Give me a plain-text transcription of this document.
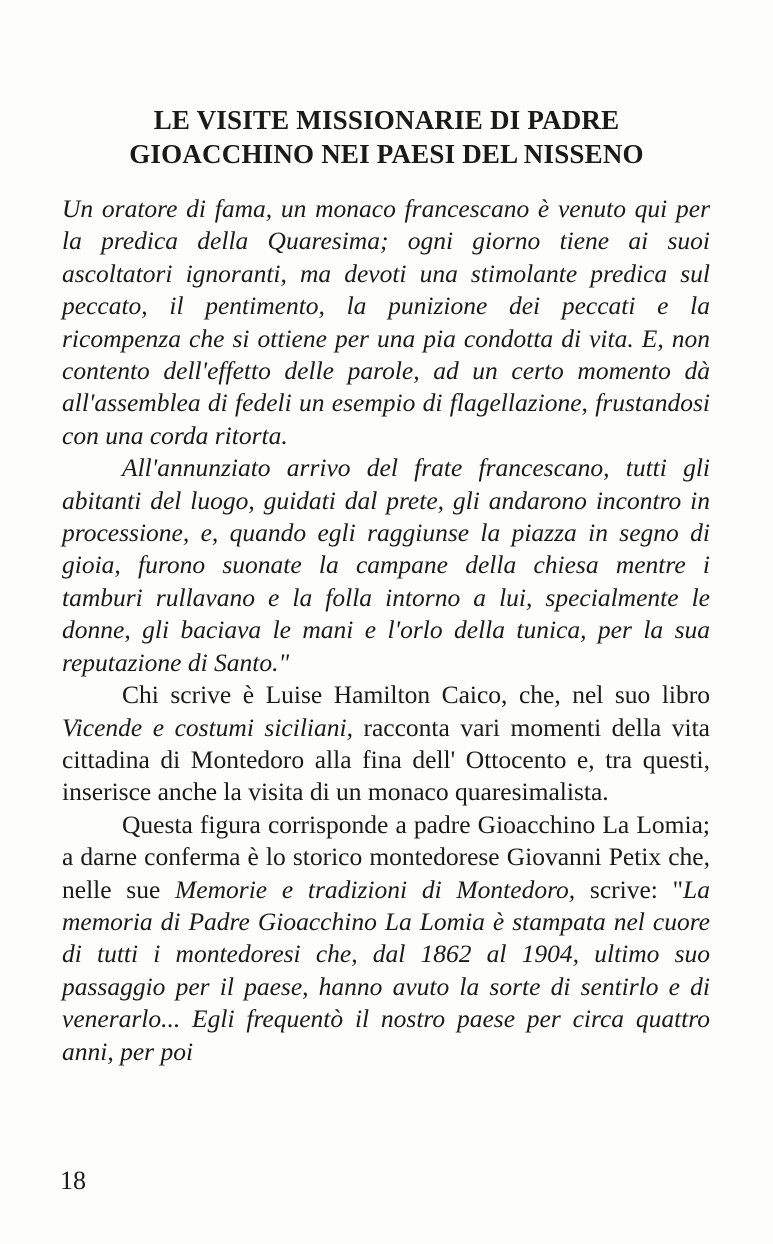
LE VISITE MISSIONARIE DI PADRE
GIOACCHINO NEI PAESI DEL NISSENO

Un oratore di fama, un monaco francescano è venuto qui per la predica della Quaresima; ogni giorno tiene ai suoi ascoltatori ignoranti, ma devoti una stimolante predica sul peccato, il pentimento, la punizione dei peccati e la ricompenza che si ottiene per una pia condotta di vita. E, non contento dell'effetto delle parole, ad un certo momento dà all'assemblea di fedeli un esempio di flagellazione, frustandosi con una corda ritorta.

All'annunziato arrivo del frate francescano, tutti gli abitanti del luogo, guidati dal prete, gli andarono incontro in processione, e, quando egli raggiunse la piazza in segno di gioia, furono suonate la campane della chiesa mentre i tamburi rullavano e la folla intorno a lui, specialmente le donne, gli baciava le mani e l'orlo della tunica, per la sua reputazione di Santo."

Chi scrive è Luise Hamilton Caico, che, nel suo libro Vicende e costumi siciliani, racconta vari momenti della vita cittadina di Montedoro alla fina dell' Ottocento e, tra questi, inserisce anche la visita di un monaco quaresimalista.

Questa figura corrisponde a padre Gioacchino La Lomia; a darne conferma è lo storico montedorese Giovanni Petix che, nelle sue Memorie e tradizioni di Montedoro, scrive: "La memoria di Padre Gioacchino La Lomia è stampata nel cuore di tutti i montedoresi che, dal 1862 al 1904, ultimo suo passaggio per il paese, hanno avuto la sorte di sentirlo e di venerarlo... Egli frequentò il nostro paese per circa quattro anni, per poi

18
